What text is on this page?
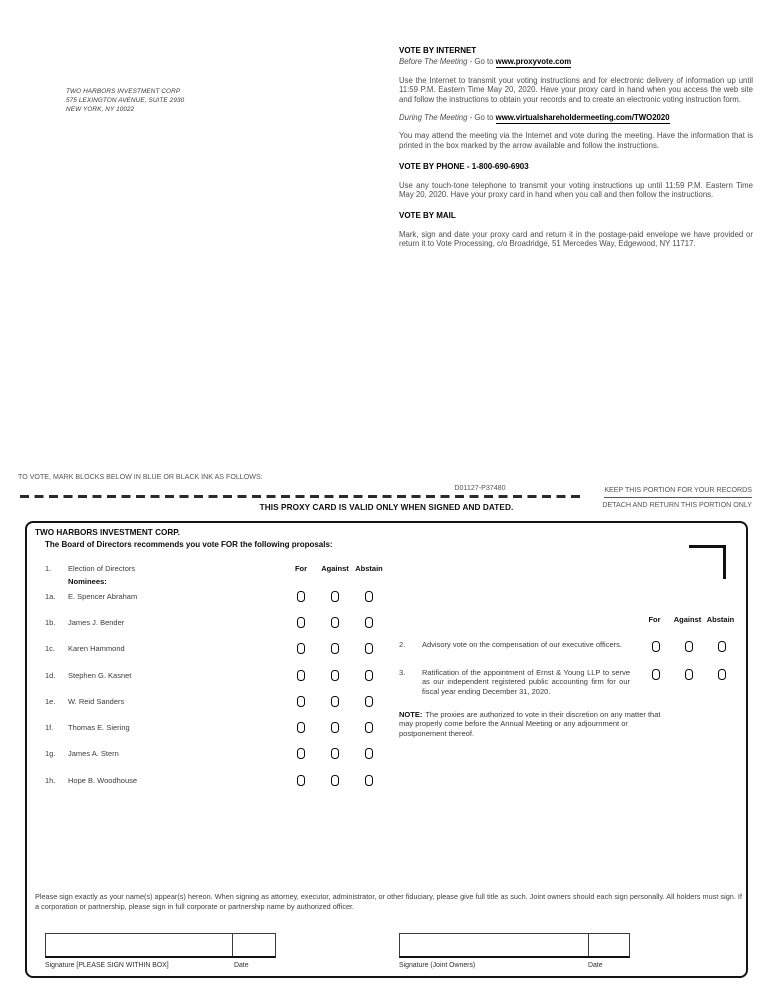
TWO HARBORS INVESTMENT CORP
575 LEXINGTON AVENUE, SUITE 2930
NEW YORK, NY 10022
VOTE BY INTERNET
Before The Meeting - Go to www.proxyvote.com

Use the Internet to transmit your voting instructions and for electronic delivery of information up until 11:59 P.M. Eastern Time May 20, 2020. Have your proxy card in hand when you access the web site and follow the instructions to obtain your records and to create an electronic voting instruction form.

During The Meeting - Go to www.virtualshareholdermeeting.com/TWO2020

You may attend the meeting via the Internet and vote during the meeting. Have the information that is printed in the box marked by the arrow available and follow the instructions.

VOTE BY PHONE - 1-800-690-6903

Use any touch-tone telephone to transmit your voting instructions up until 11:59 P.M. Eastern Time May 20, 2020. Have your proxy card in hand when you call and then follow the instructions.

VOTE BY MAIL

Mark, sign and date your proxy card and return it in the postage-paid envelope we have provided or return it to Vote Processing, c/o Broadridge, 51 Mercedes Way, Edgewood, NY 11717.

TO VOTE, MARK BLOCKS BELOW IN BLUE OR BLACK INK AS FOLLOWS:
D01127-P37480	KEEP THIS PORTION FOR YOUR RECORDS
THIS PROXY CARD IS VALID ONLY WHEN SIGNED AND DATED.	DETACH AND RETURN THIS PORTION ONLY
TWO HARBORS INVESTMENT CORP.
The Board of Directors recommends you vote FOR the following proposals:
1.	Election of Directors	For	Against Abstain
Nominees:
1a.	E. Spencer Abraham
1b.	James J. Bender
1c.	Karen Hammond
1d.	Stephen G. Kasnet
1e.	W. Reid Sanders
1f.	Thomas E. Siering
1g.	James A. Stern
1h.	Hope B. Woodhouse
For	Against Abstain
2.	Advisory vote on the compensation of our executive officers.
3.	Ratification of the appointment of Ernst & Young LLP to serve as our independent registered public accounting firm for our fiscal year ending December 31, 2020.
NOTE: The proxies are authorized to vote in their discretion on any matter that may properly come before the Annual Meeting or any adjournment or postponement thereof.
Please sign exactly as your name(s) appear(s) hereon. When signing as attorney, executor, administrator, or other fiduciary, please give full title as such. Joint owners should each sign personally. All holders must sign. If a corporation or partnership, please sign in full corporate or partnership name by authorized officer.
Signature [PLEASE SIGN WITHIN BOX]	Date	Signature (Joint Owners)	Date
